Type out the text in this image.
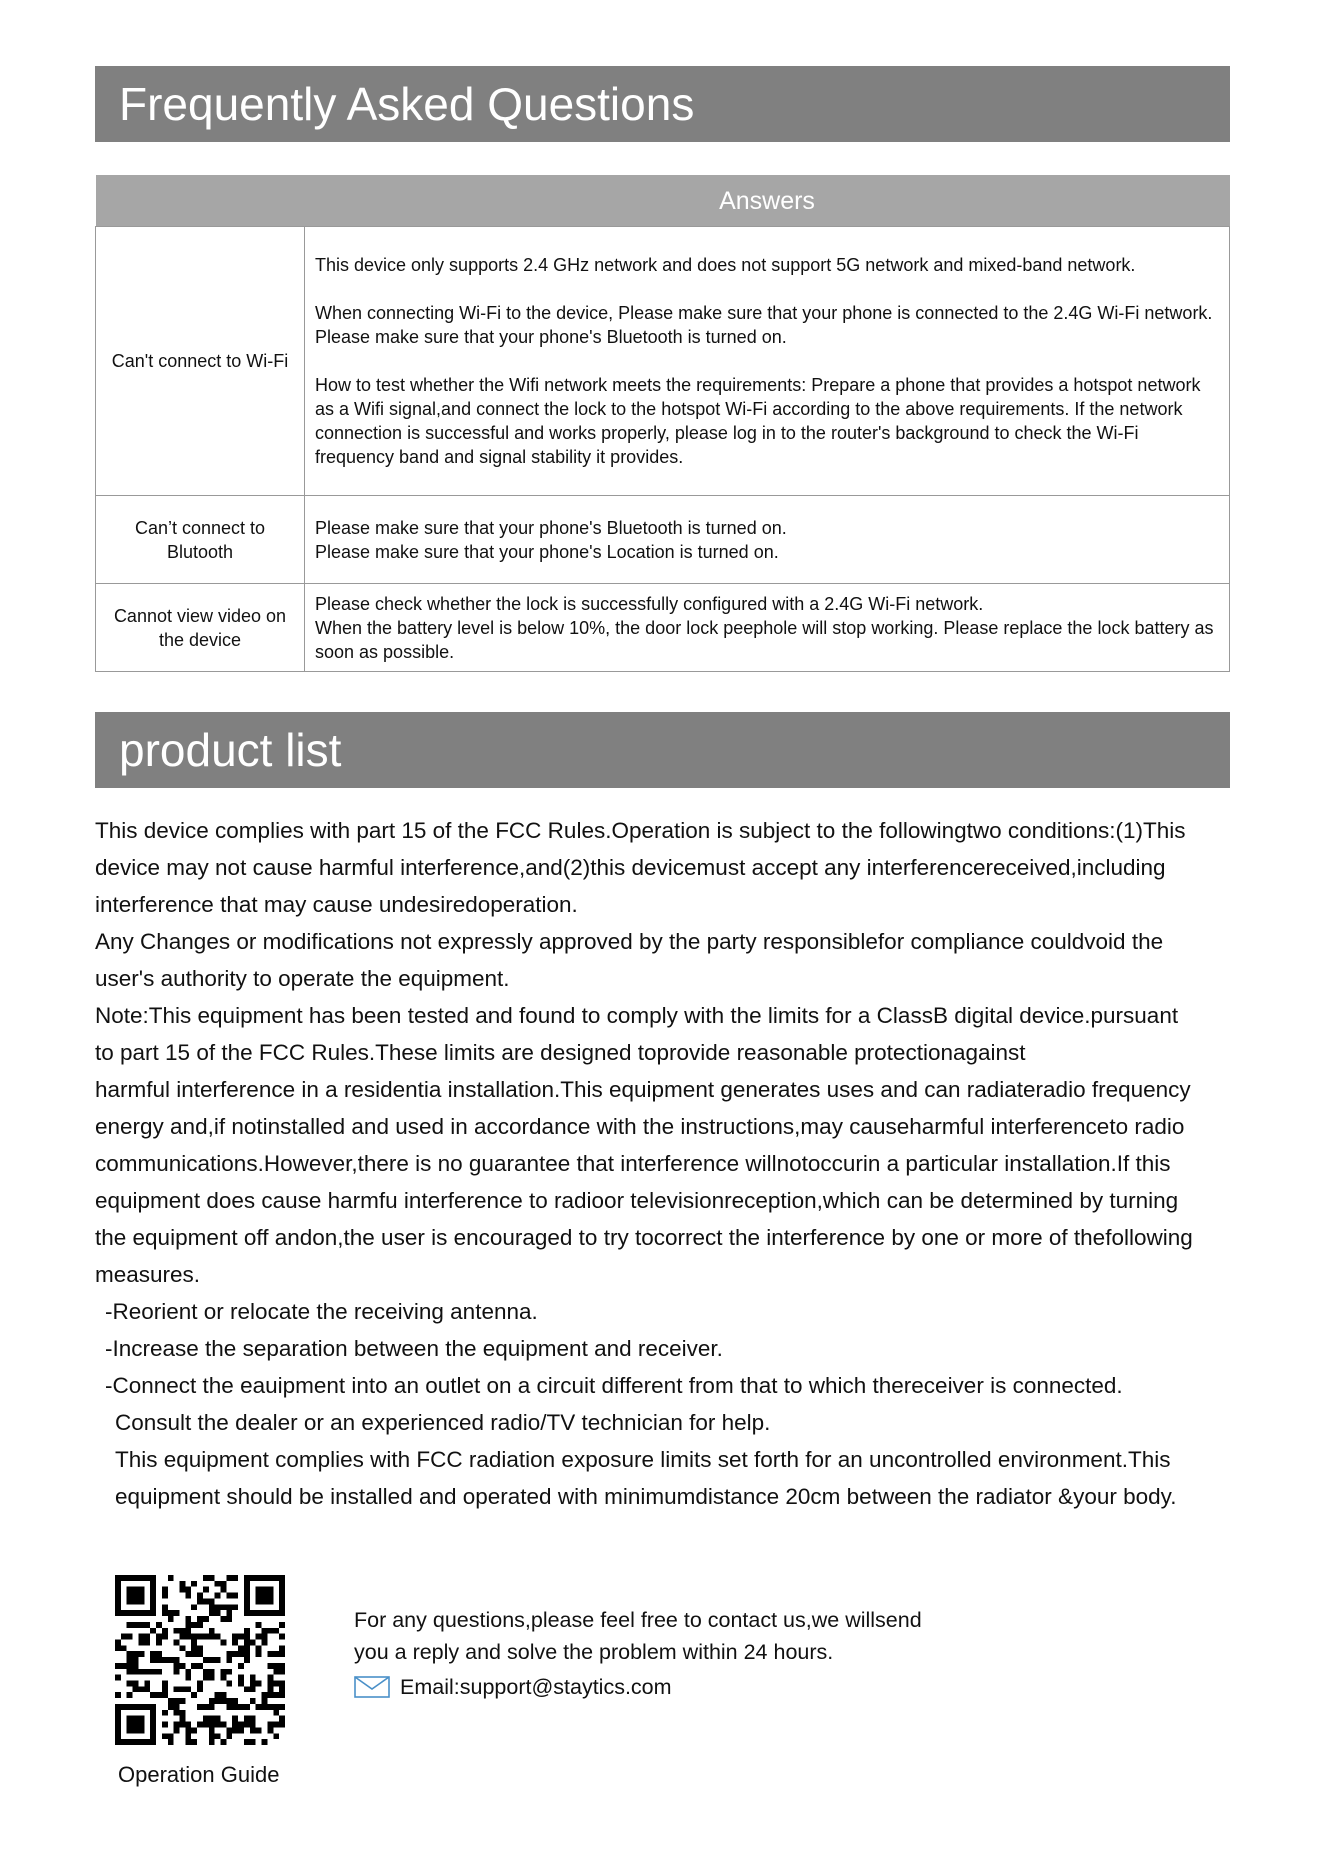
Frequently Asked Questions
	Answers
Can't connect to Wi-Fi	This device only supports 2.4 GHz network and does not support 5G network and mixed-band network.

When connecting Wi-Fi to the device, Please make sure that your phone is connected to the 2.4G Wi-Fi network. Please make sure that your phone's Bluetooth is turned on.

How to test whether the Wifi network meets the requirements: Prepare a phone that provides a hotspot network as a Wifi signal,and connect the lock to the hotspot Wi-Fi according to the above requirements. If the network connection is successful and works properly, please log in to the router's background to check the Wi-Fi frequency band and signal stability it provides.

Can’t connect to Blutooth	Please make sure that your phone's Bluetooth is turned on.

Please make sure that your phone's Location is turned on.

Cannot view video on the device	Please check whether the lock is successfully configured with a 2.4G Wi-Fi network.

When the battery level is below 10%, the door lock peephole will stop working. Please replace the lock battery as soon as possible.

product list

This device complies with part 15 of the FCC Rules.Operation is subject to the followingtwo conditions:(1)This

device may not cause harmful interference,and(2)this devicemust accept any interferencereceived,including

interference that may cause undesiredoperation.

Any Changes or modifications not expressly approved by the party responsiblefor compliance couldvoid the

user's authority to operate the equipment.

Note:This equipment has been tested and found to comply with the limits for a ClassB digital device.pursuant

to part 15 of the FCC Rules.These limits are designed toprovide reasonable protectionagainst

harmful interference in a residentia installation.This equipment generates uses and can radiateradio frequency

energy and,if notinstalled and used in accordance with the instructions,may causeharmful interferenceto radio

communications.However,there is no guarantee that interference willnotoccurin a particular installation.If this

equipment does cause harmfu interference to radioor televisionreception,which can be determined by turning

the equipment off andon,the user is encouraged to try tocorrect the interference by one or more of thefollowing

measures.

-Reorient or relocate the receiving antenna.

-Increase the separation between the equipment and receiver.

-Connect the eauipment into an outlet on a circuit different from that to which thereceiver is connected.

Consult the dealer or an experienced radio/TV technician for help.

This equipment complies with FCC radiation exposure limits set forth for an uncontrolled environment.This

equipment should be installed and operated with minimumdistance 20cm between the radiator &your body.

Operation Guide

For any questions,please feel free to contact us,we willsend

you a reply and solve the problem within 24 hours.

Email:support@staytics.com
